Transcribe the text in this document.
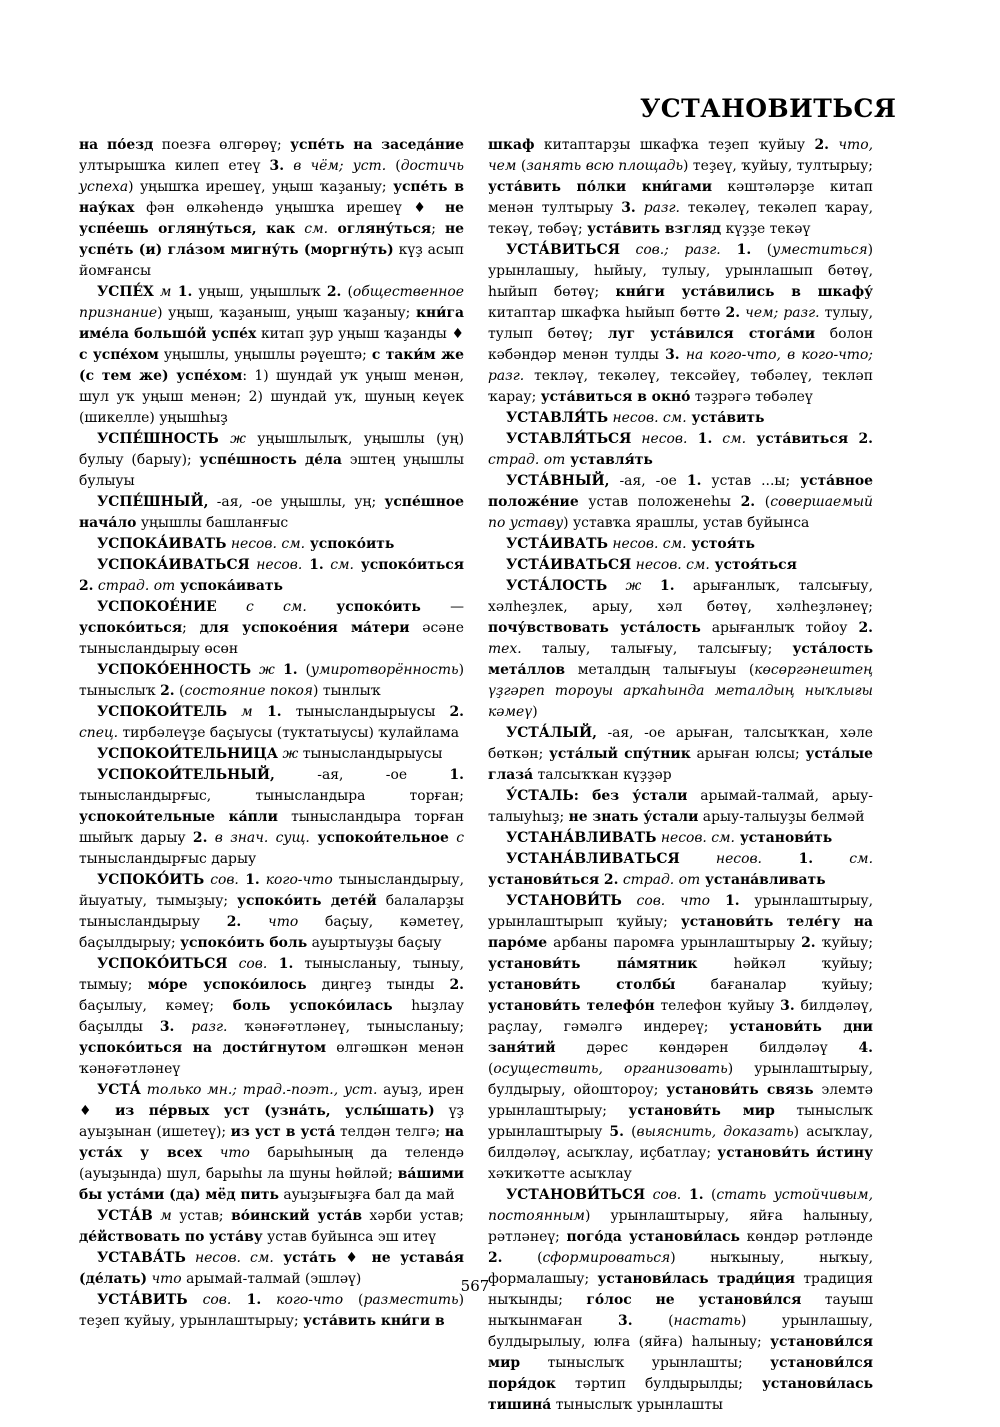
УСТАНОВИТЬСЯ

на по́езд поезға өлгөрөү; успе́ть на заседа́ние ултырышҡа килеп етеү 3. в чём; уст. (достичь успеха) уңышҡа ирешеү, уңыш ҡаҙаныу; успе́ть в нау́ках фән өлкәһендә уңышҡа ирешеү ♦ не успе́ешь огляну́ться, как см. огляну́ться; не успе́ть (и) гла́зом мигну́ть (моргну́ть) күҙ асып йомғансы

УСПЕ́Х м 1. уңыш, уңышлыҡ 2. (общественное признание) уңыш, ҡаҙаныш, уңыш ҡаҙаныу; кни́га име́ла большо́й успе́х китап ҙур уңыш ҡаҙанды ♦ с успе́хом уңышлы, уңышлы рәүештә; с таки́м же (с тем же) успе́хом: 1) шундай уҡ уңыш менән, шул уҡ уңыш менән; 2) шундай уҡ, шуның кеүек (шикелле) уңышһыҙ

УСПЕ́ШНОСТЬ ж уңышлылыҡ, уңышлы (уң) булыу (барыу); успе́шность де́ла эштең уңышлы булыуы

УСПЕ́ШНЫЙ, -ая, -ое уңышлы, уң; успе́шное нача́ло уңышлы башланғыс

УСПОКА́ИВАТЬ несов. см. успоко́ить

УСПОКА́ИВАТЬСЯ несов. 1. см. успоко́иться 2. страд. от успока́ивать

УСПОКОЕ́НИЕ с см. успоко́ить — успоко́иться; для успокое́ния ма́тери әсәне тынысландырыу өсөн

УСПОКО́ЕННОСТЬ ж 1. (умиротворённость) тыныслыҡ 2. (состояние покоя) тынлыҡ

УСПОКОИ́ТЕЛЬ м 1. тынысландырыусы 2. спец. тирбәлеүҙе баҫыусы (туктатыусы) ҡулайлама

УСПОКОИ́ТЕЛЬНИЦА ж тынысландырыусы

УСПОКОИ́ТЕЛЬНЫЙ, -ая, -ое 1. тынысландырғыс, тынысландыра торған; успокои́тельные ка́пли тынысландыра торған шыйыҡ дарыу 2. в знач. сущ. успокои́тельное с тынысландырғыс дарыу

УСПОКО́ИТЬ сов. 1. кого-что тынысландырыу, йыуатыу, тымыҙыу; успоко́ить дете́й балаларҙы тынысландырыу 2. что баҫыу, кәметеү, баҫылдырыу; успоко́ить боль ауыртыуҙы баҫыу

УСПОКО́ИТЬСЯ сов. 1. тынысланыу, тыныу, тымыу; мо́ре успоко́илось диңгеҙ тынды 2. баҫылыу, кәмеү; боль успоко́илась һыҙлау баҫылды 3. разг. ҡәнәғәтләнеү, тынысланыу; успоко́иться на дости́гнутом өлгәшкән менән ҡәнәғәтләнеү

УСТА́ только мн.; трад.-поэт., уст. ауыҙ, ирен ♦ из пе́рвых уст (узна́ть, услы́шать) үҙ ауыҙынан (ишетеү); из уст в уста́ телдән телгә; на уста́х у всех что барыһының да телендә (ауыҙында) шул, барыһы ла шуны һөйләй; ва́шими бы уста́ми (да) мёд пить ауыҙығыҙға бал да май

УСТА́В м устав; во́инский уста́в хәрби устав; де́йствовать по уста́ву устав буйынса эш итеү

УСТАВА́ТЬ несов. см. уста́ть ♦ не устава́я (де́лать) что арымай-талмай (эшләү)

УСТА́ВИТЬ сов. 1. кого-что (разместить) теҙеп ҡуйыу, урынлаштырыу; уста́вить кни́ги в

шкаф китаптарҙы шкафҡа теҙеп ҡуйыу 2. что, чем (занять всю площадь) теҙеү, ҡуйыу, тултырыу; уста́вить по́лки кни́гами кәштәләрҙе китап менән тултырыу 3. разг. текәлеү, текәлеп ҡарау, текәү, төбәү; уста́вить взгляд күҙҙе текәү

УСТА́ВИТЬСЯ сов.; разг. 1. (уместиться) урынлашыу, һыйыу, тулыу, урынлашып бөтөү, һыйып бөтөү; кни́ги уста́вились в шкафу́ китаптар шкафҡа һыйып бөттө 2. чем; разг. тулыу, тулып бөтөү; луг уста́вился стога́ми болон кәбәндәр менән тулды 3. на кого-что, в кого-что; разг. текләү, текәлеү, тексәйеү, төбәлеү, текләп ҡарау; уста́виться в окно́ тәҙрәгә төбәлеү

УСТАВЛЯ́ТЬ несов. см. уста́вить

УСТАВЛЯ́ТЬСЯ несов. 1. см. уста́виться 2. страд. от уставля́ть

УСТА́ВНЫЙ, -ая, -ое 1. устав ...ы; уста́вное положе́ние устав положенеһы 2. (совершаемый по уставу) уставҡа ярашлы, устав буйынса

УСТА́ИВАТЬ несов. см. устоя́ть

УСТА́ИВАТЬСЯ несов. см. устоя́ться

УСТА́ЛОСТЬ ж 1. арығанлыҡ, талсығыу, хәлһеҙлек, арыу, хәл бөтөү, хәлһеҙләнеү; почу́вствовать уста́лость арығанлыҡ тойоу 2. тех. талыу, талығыу, талсығыу; уста́лость мета́ллов металдың талығыуы (көсөргәнештең үҙгәреп тороуы арҡаһында металдың ныҡлығы кәмеү)

УСТА́ЛЫЙ, -ая, -ое арыған, талсыҡҡан, хәле бөткән; уста́лый спу́тник арыған юлсы; уста́лые глаза́ талсыҡҡан күҙҙәр

У́СТАЛЬ: без у́стали арымай-талмай, арыу-талыуһыҙ; не знать у́стали арыу-талыуҙы белмәй

УСТАНА́ВЛИВАТЬ несов. см. установи́ть

УСТАНА́ВЛИВАТЬСЯ несов. 1. см. установи́ться 2. страд. от устана́вливать

УСТАНОВИ́ТЬ сов. что 1. урынлаштырыу, урынлаштырып ҡуйыу; установи́ть теле́гу на паро́ме арбаны паромға урынлаштырыу 2. ҡуйыу; установи́ть па́мятник һәйкәл ҡуйыу; установи́ть столбы́ бағаналар ҡуйыу; установи́ть телефо́н телефон ҡуйыу 3. билдәләү, раҫлау, гәмәлгә индереү; установи́ть дни заня́тий дәрес көндәрен билдәләү 4. (осуществить, организовать) урынлаштырыу, булдырыу, ойоштороу; установи́ть связь элемтә урынлаштырыу; установи́ть мир тыныслыҡ урынлаштырыу 5. (выяснить, доказать) асыҡлау, билдәләү, асыҡлау, иҫбатлау; установи́ть и́стину хәҡиҡәтте асыҡлау

УСТАНОВИ́ТЬСЯ сов. 1. (стать устойчивым, постоянным) урынлаштырыу, яйға һалыныу, рәтләнеү; пого́да установи́лась көндәр рәтләнде 2. (сформироваться) ныҡыныу, ныҡыу, формалашыу; установи́лась тради́ция традиция ныҡынды; го́лос не установи́лся тауыш ныҡынмаған 3. (настать) урынлашыу, булдырылыу, юлға (яйға) һалыныу; установи́лся мир тыныслыҡ урынлашты; установи́лся поря́док тәртип булдырылды; установи́лась тишина́ тыныслыҡ урынлашты

567
